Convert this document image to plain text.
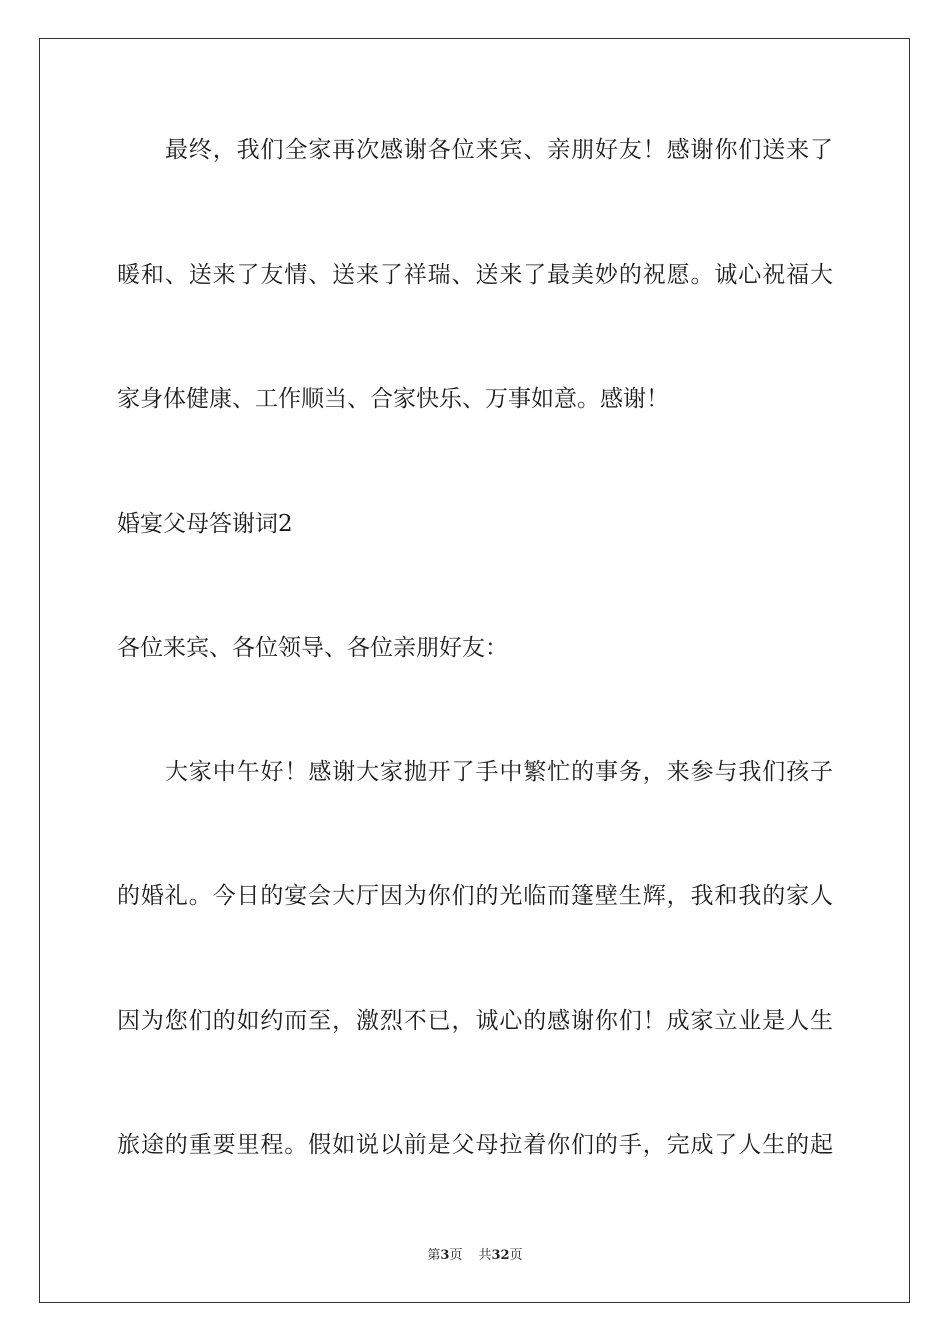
最终，我们全家再次感谢各位来宾、亲朋好友！感谢你们送来了
暖和、送来了友情、送来了祥瑞、送来了最美妙的祝愿。诚心祝福大
家身体健康、工作顺当、合家快乐、万事如意。感谢！
婚宴父母答谢词2
各位来宾、各位领导、各位亲朋好友：
大家中午好！感谢大家抛开了手中繁忙的事务，来参与我们孩子
的婚礼。今日的宴会大厅因为你们的光临而篷壁生辉，我和我的家人
因为您们的如约而至，激烈不已，诚心的感谢你们！成家立业是人生
旅途的重要里程。假如说以前是父母拉着你们的手，完成了人生的起
第3页 共32页
